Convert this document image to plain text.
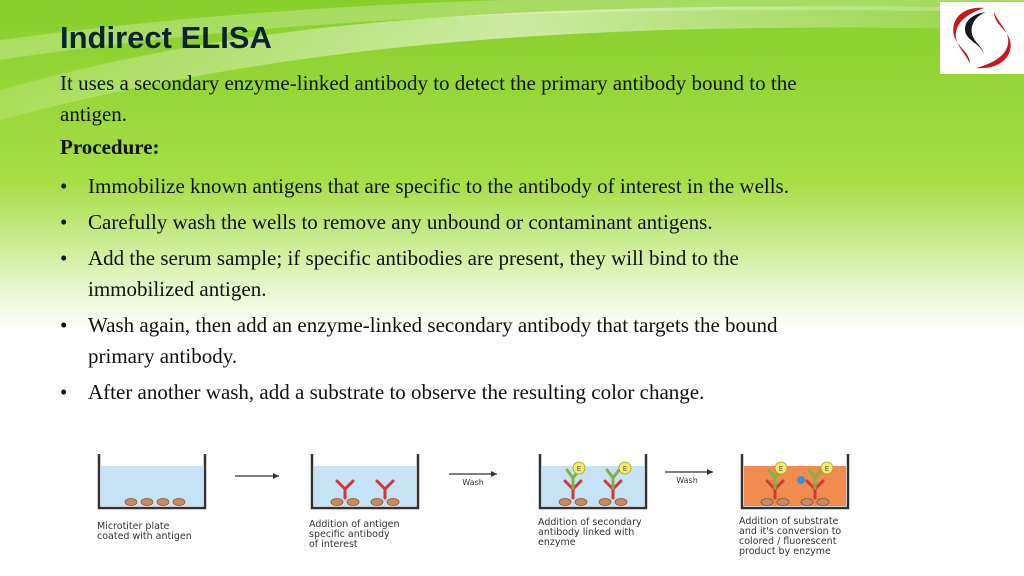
Indirect ELISA

It uses a secondary enzyme-linked antibody to detect the primary antibody bound to the
antigen.

Procedure:

• Immobilize known antigens that are specific to the antibody of interest in the wells.
• Carefully wash the wells to remove any unbound or contaminant antigens.
• Add the serum sample; if specific antibodies are present, they will bind to the
immobilized antigen.
• Wash again, then add an enzyme-linked secondary antibody that targets the bound
primary antibody.
• After another wash, add a substrate to observe the resulting color change.
Wash
E	E
Wash
E	E
Microtiter plate
coated with antigen
Addition of antigen
specific antibody
of interest
Addition of secondary
antibody linked with
enzyme
Addition of substrate
and it's conversion to
colored / fluorescent
product by enzyme
